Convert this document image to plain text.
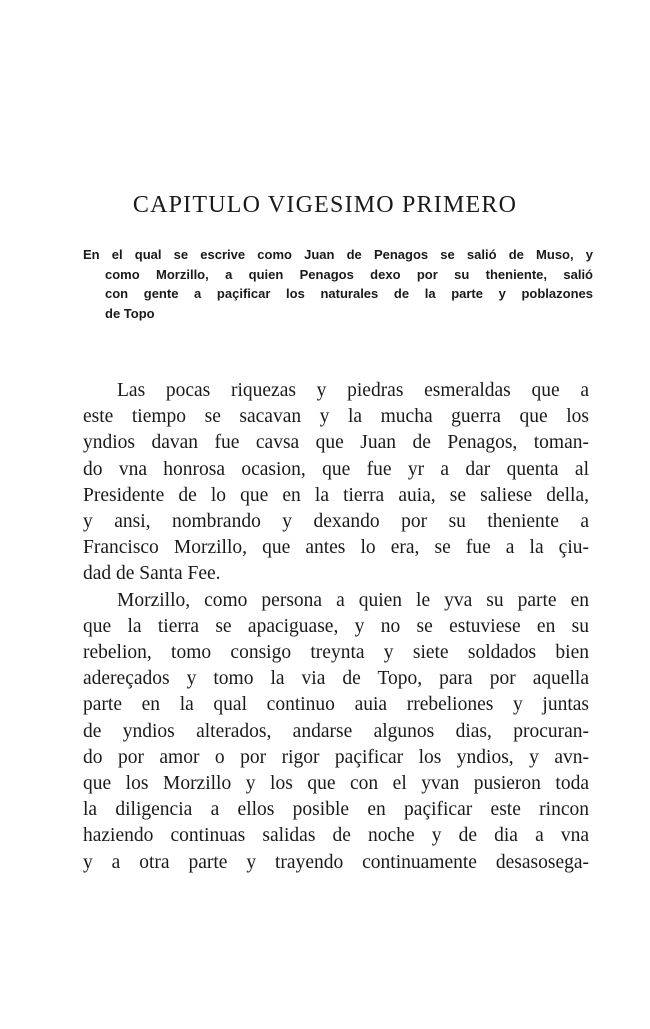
CAPITULO VIGESIMO PRIMERO
En el qual se escrive como Juan de Penagos se salió de Muso, y
como Morzillo, a quien Penagos dexo por su theniente, salió
con gente a paçificar los naturales de la parte y poblazones
de Topo
Las pocas riquezas y piedras esmeraldas que a
este tiempo se sacavan y la mucha guerra que los
yndios davan fue cavsa que Juan de Penagos, toman-
do vna honrosa ocasion, que fue yr a dar quenta al
Presidente de lo que en la tierra auia, se saliese della,
y ansi, nombrando y dexando por su theniente a
Francisco Morzillo, que antes lo era, se fue a la çiu-
dad de Santa Fee.
Morzillo, como persona a quien le yva su parte en
que la tierra se apaciguase, y no se estuviese en su
rebelion, tomo consigo treynta y siete soldados bien
adereçados y tomo la via de Topo, para por aquella
parte en la qual continuo auia rrebeliones y juntas
de yndios alterados, andarse algunos dias, procuran-
do por amor o por rigor paçificar los yndios, y avn-
que los Morzillo y los que con el yvan pusieron toda
la diligencia a ellos posible en paçificar este rincon
haziendo continuas salidas de noche y de dia a vna
y a otra parte y trayendo continuamente desasosega-
